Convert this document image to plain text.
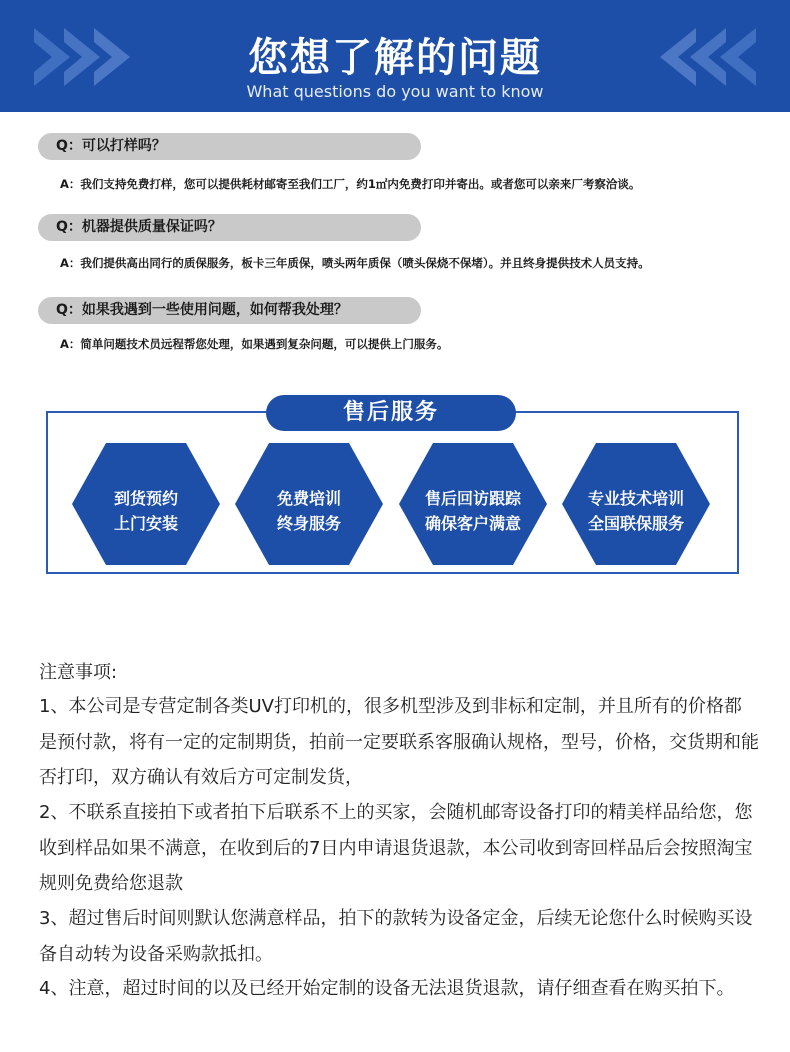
您想了解的问题
What questions do you want to know
Q：可以打样吗？
A：我们支持免费打样，您可以提供耗材邮寄至我们工厂，约1㎡内免费打印并寄出。或者您可以亲来厂考察洽谈。
Q：机器提供质量保证吗？
A：我们提供高出同行的质保服务，板卡三年质保，喷头两年质保（喷头保烧不保堵）。并且终身提供技术人员支持。
Q：如果我遇到一些使用问题，如何帮我处理？
A：简单问题技术员远程帮您处理，如果遇到复杂问题，可以提供上门服务。
售后服务
到货预约
上门安装
免费培训
终身服务
售后回访跟踪
确保客户满意
专业技术培训
全国联保服务
注意事项:
1、本公司是专营定制各类UV打印机的，很多机型涉及到非标和定制，并且所有的价格都是预付款，将有一定的定制期货，拍前一定要联系客服确认规格，型号，价格，交货期和能否打印，双方确认有效后方可定制发货，
2、不联系直接拍下或者拍下后联系不上的买家，会随机邮寄设备打印的精美样品给您，您收到样品如果不满意，在收到后的7日内申请退货退款，本公司收到寄回样品后会按照淘宝规则免费给您退款
3、超过售后时间则默认您满意样品，拍下的款转为设备定金，后续无论您什么时候购买设备自动转为设备采购款抵扣。
4、注意，超过时间的以及已经开始定制的设备无法退货退款，请仔细查看在购买拍下。
